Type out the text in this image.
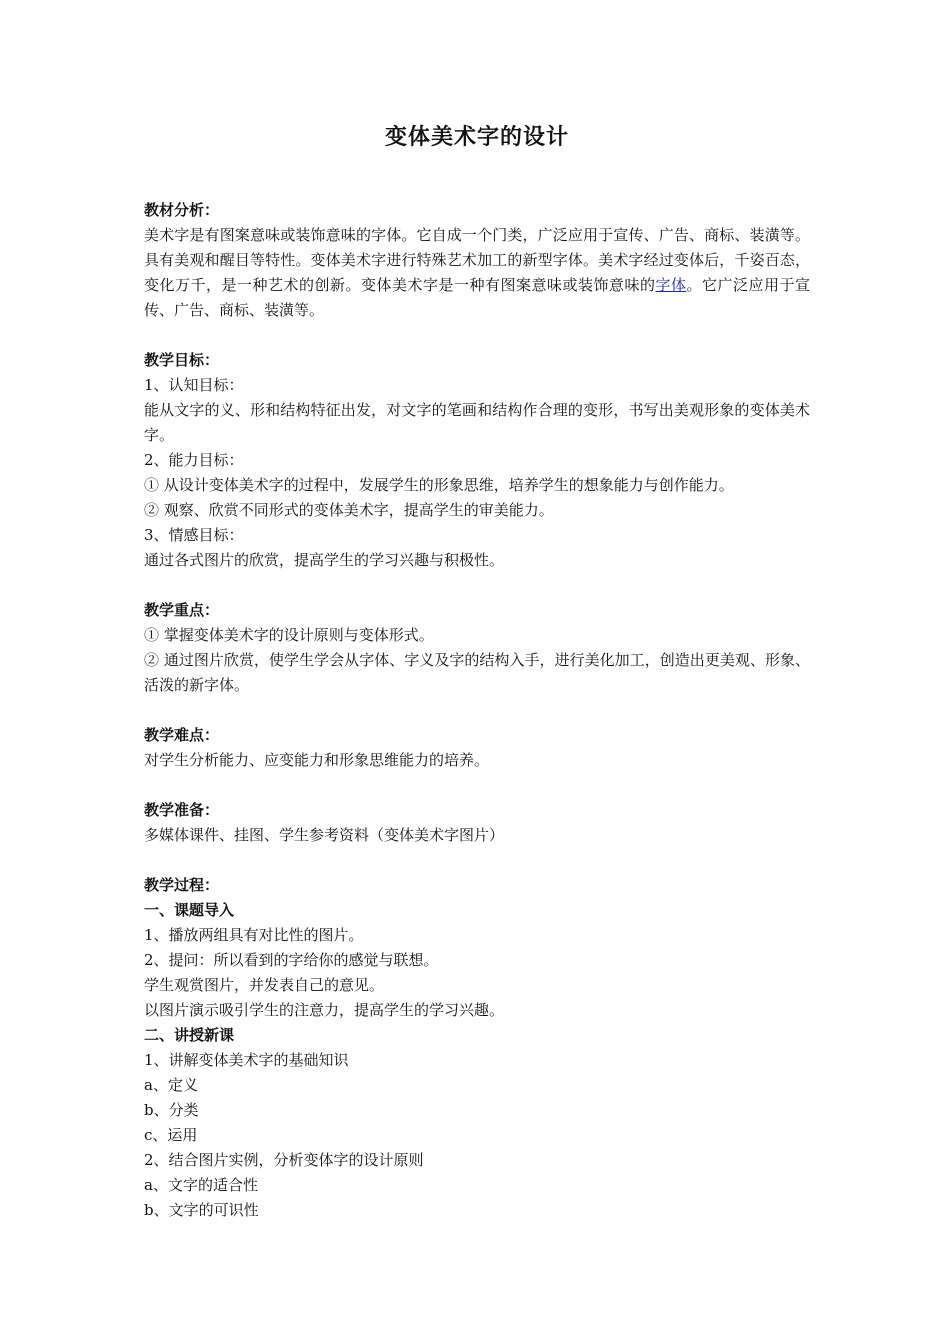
变体美术字的设计
教材分析：
美术字是有图案意味或装饰意味的字体。它自成一个门类，广泛应用于宣传、广告、商标、装潢等。具有美观和醒目等特性。变体美术字进行特殊艺术加工的新型字体。美术字经过变体后，千姿百态，变化万千，是一种艺术的创新。变体美术字是一种有图案意味或装饰意味的字体。它广泛应用于宣传、广告、商标、装潢等。
教学目标：
1、认知目标：
能从文字的义、形和结构特征出发，对文字的笔画和结构作合理的变形，书写出美观形象的变体美术字。
2、能力目标：
① 从设计变体美术字的过程中，发展学生的形象思维，培养学生的想象能力与创作能力。
② 观察、欣赏不同形式的变体美术字，提高学生的审美能力。
3、情感目标：
通过各式图片的欣赏，提高学生的学习兴趣与积极性。
教学重点：
① 掌握变体美术字的设计原则与变体形式。
② 通过图片欣赏，使学生学会从字体、字义及字的结构入手，进行美化加工，创造出更美观、形象、活泼的新字体。
教学难点：
对学生分析能力、应变能力和形象思维能力的培养。
教学准备：
多媒体课件、挂图、学生参考资料（变体美术字图片）
教学过程：
一、课题导入
1、播放两组具有对比性的图片。
2、提问：所以看到的字给你的感觉与联想。
学生观赏图片，并发表自己的意见。
以图片演示吸引学生的注意力，提高学生的学习兴趣。
二、讲授新课
1、讲解变体美术字的基础知识
a、定义
b、分类
c、运用
2、结合图片实例，分析变体字的设计原则
a、文字的适合性
b、文字的可识性
